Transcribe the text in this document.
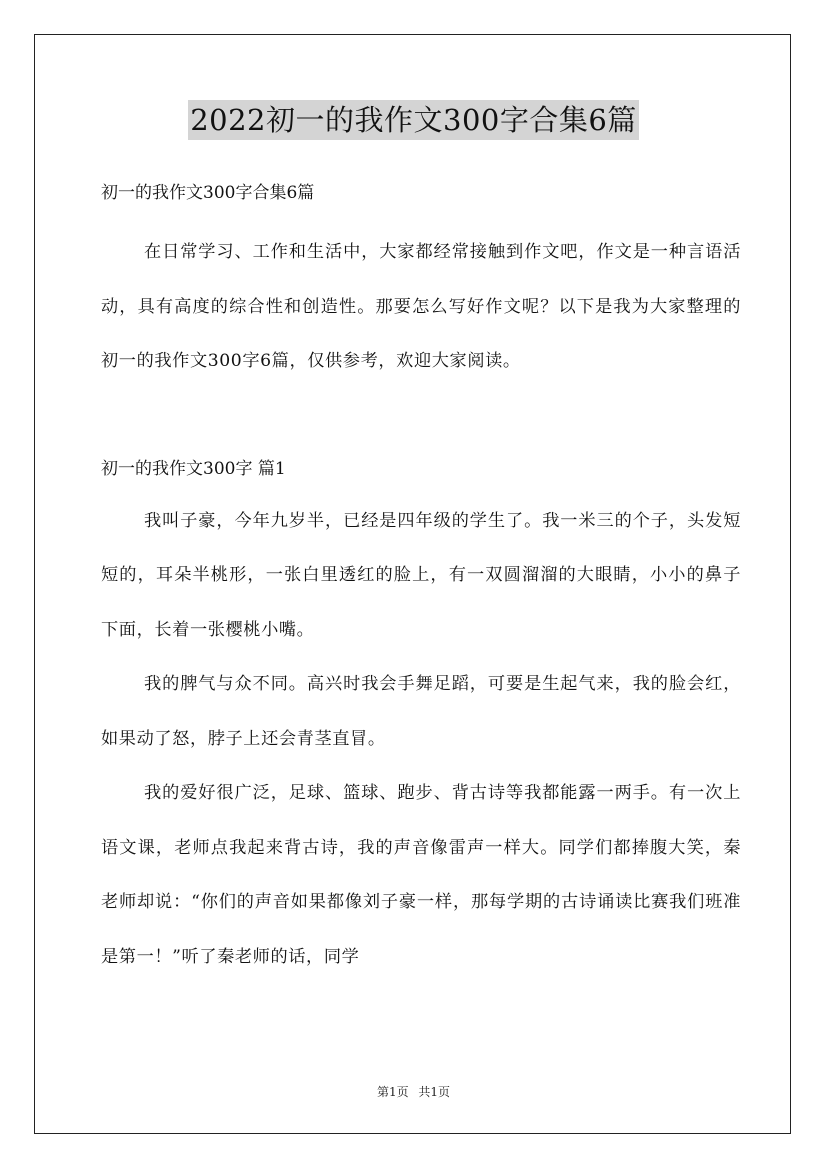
2022初一的我作文300字合集6篇

初一的我作文300字合集6篇

在日常学习、工作和生活中，大家都经常接触到作文吧，作文是一种言语活动，具有高度的综合性和创造性。那要怎么写好作文呢？以下是我为大家整理的初一的我作文300字6篇，仅供参考，欢迎大家阅读。

初一的我作文300字 篇1

我叫子豪，今年九岁半，已经是四年级的学生了。我一米三的个子，头发短短的，耳朵半桃形，一张白里透红的脸上，有一双圆溜溜的大眼睛，小小的鼻子下面，长着一张樱桃小嘴。

我的脾气与众不同。高兴时我会手舞足蹈，可要是生起气来，我的脸会红，如果动了怒，脖子上还会青茎直冒。

我的爱好很广泛，足球、篮球、跑步、背古诗等我都能露一两手。有一次上语文课，老师点我起来背古诗，我的声音像雷声一样大。同学们都捧腹大笑，秦老师却说：“你们的声音如果都像刘子豪一样，那每学期的古诗诵读比赛我们班准是第一！”听了秦老师的话，同学

第1页 共1页
